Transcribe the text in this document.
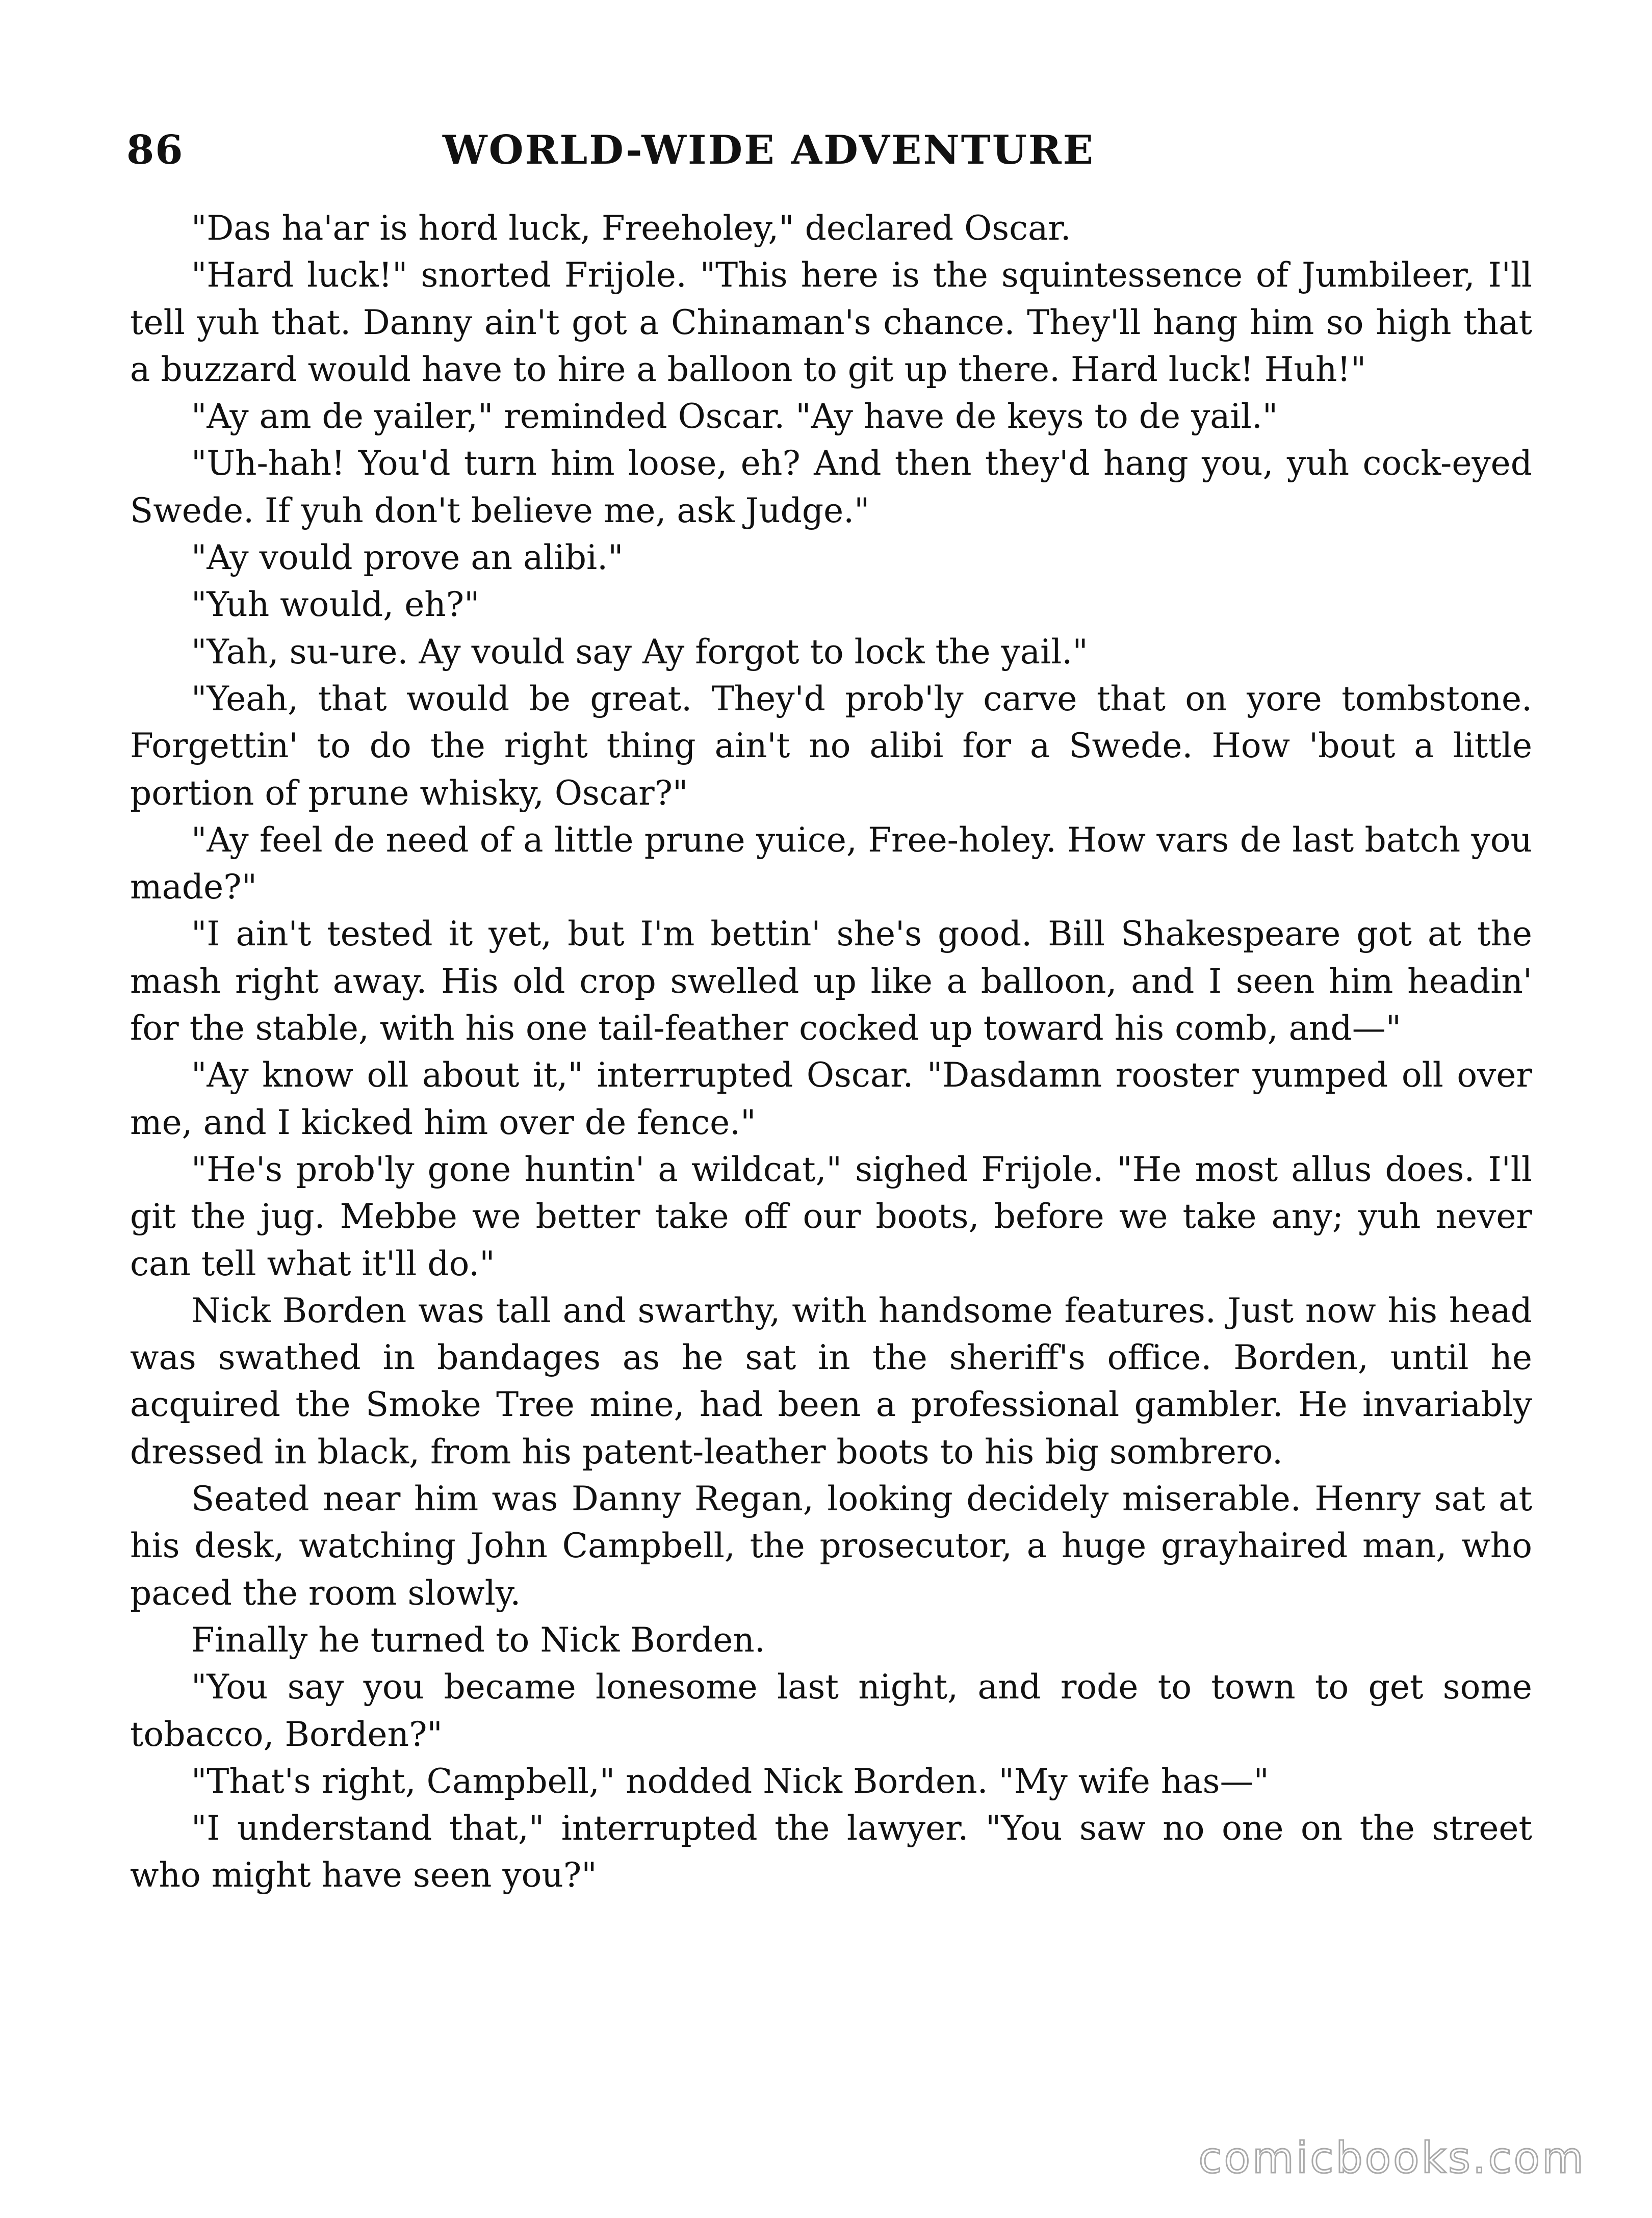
86	WORLD-WIDE ADVENTURE

"Das ha'ar is hord luck, Freeholey," declared Oscar.

"Hard luck!" snorted Frijole. "This here is the squintessence of Jumbileer, I'll tell yuh that. Danny ain't got a Chinaman's chance. They'll hang him so high that a buzzard would have to hire a balloon to git up there. Hard luck! Huh!"

"Ay am de yailer," reminded Oscar. "Ay have de keys to de yail."

"Uh-hah! You'd turn him loose, eh? And then they'd hang you, yuh cock-eyed Swede. If yuh don't believe me, ask Judge."

"Ay vould prove an alibi."

"Yuh would, eh?"

"Yah, su-ure. Ay vould say Ay forgot to lock the yail."

"Yeah, that would be great. They'd prob'ly carve that on yore tombstone. Forgettin' to do the right thing ain't no alibi for a Swede. How 'bout a little portion of prune whisky, Oscar?"

"Ay feel de need of a little prune yuice, Free-holey. How vars de last batch you made?"

"I ain't tested it yet, but I'm bettin' she's good. Bill Shakespeare got at the mash right away. His old crop swelled up like a balloon, and I seen him headin' for the stable, with his one tail-feather cocked up toward his comb, and—"

"Ay know oll about it," interrupted Oscar. "Dasdamn rooster yumped oll over me, and I kicked him over de fence."

"He's prob'ly gone huntin' a wildcat," sighed Frijole. "He most allus does. I'll git the jug. Mebbe we better take off our boots, before we take any; yuh never can tell what it'll do."

Nick Borden was tall and swarthy, with handsome features. Just now his head was swathed in bandages as he sat in the sheriff's office. Borden, until he acquired the Smoke Tree mine, had been a professional gambler. He invariably dressed in black, from his patent-leather boots to his big sombrero.

Seated near him was Danny Regan, looking decidely miserable. Henry sat at his desk, watching John Campbell, the prosecutor, a huge grayhaired man, who paced the room slowly.

Finally he turned to Nick Borden.

"You say you became lonesome last night, and rode to town to get some tobacco, Borden?"

"That's right, Campbell," nodded Nick Borden. "My wife has—"

"I understand that," interrupted the lawyer. "You saw no one on the street who might have seen you?"

comicbooks.com
